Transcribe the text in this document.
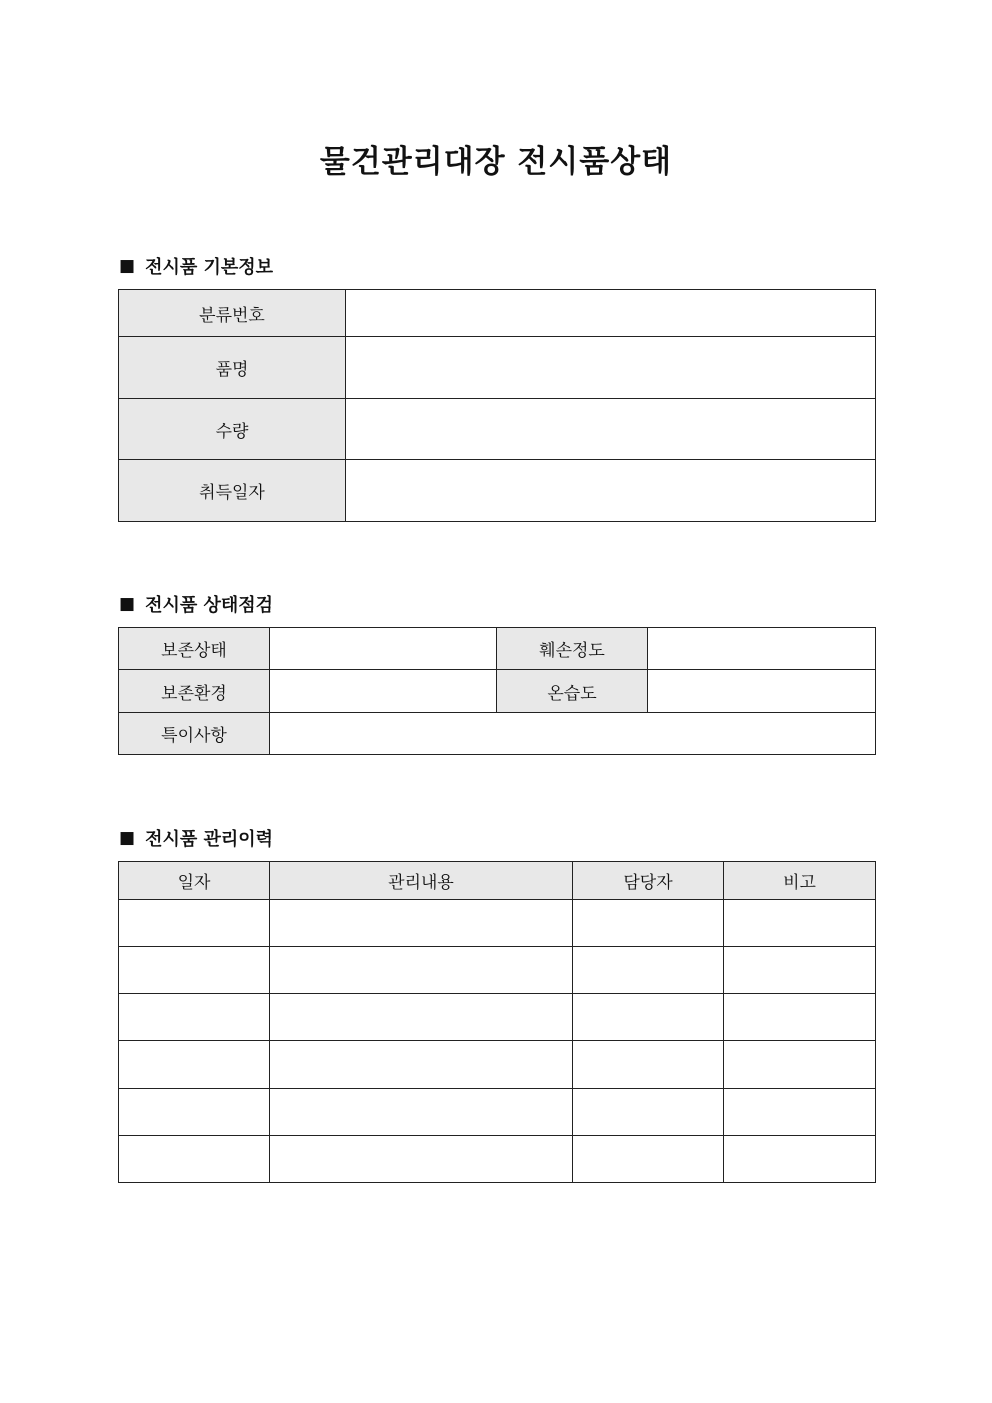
물건관리대장 전시품상태
■ 전시품 기본정보
분류번호	
품명	
수량	
취득일자	
■ 전시품 상태점검
보존상태		훼손정도	
보존환경		온습도	
특이사항			
■ 전시품 관리이력
일자	관리내용	담당자	비고
